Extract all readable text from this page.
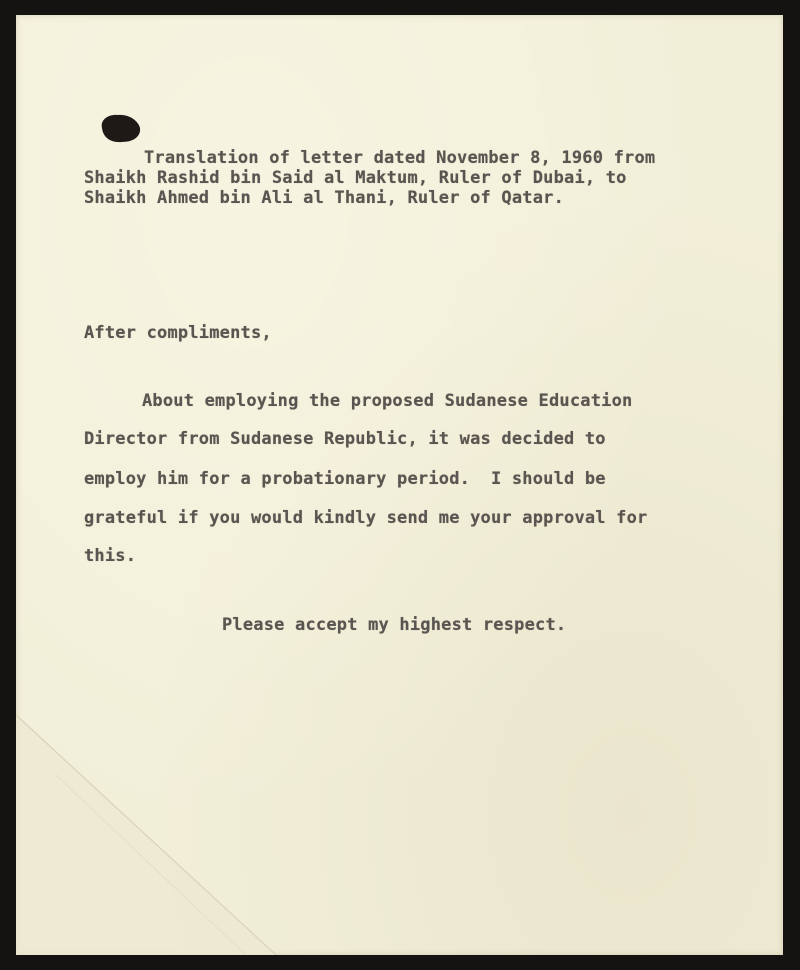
Translation of letter dated November 8, 1960 from
Shaikh Rashid bin Said al Maktum, Ruler of Dubai, to
Shaikh Ahmed bin Ali al Thani, Ruler of Qatar.
After compliments,
About employing the proposed Sudanese Education
Director from Sudanese Republic, it was decided to
employ him for a probationary period.  I should be
grateful if you would kindly send me your approval for
this.
Please accept my highest respect.
